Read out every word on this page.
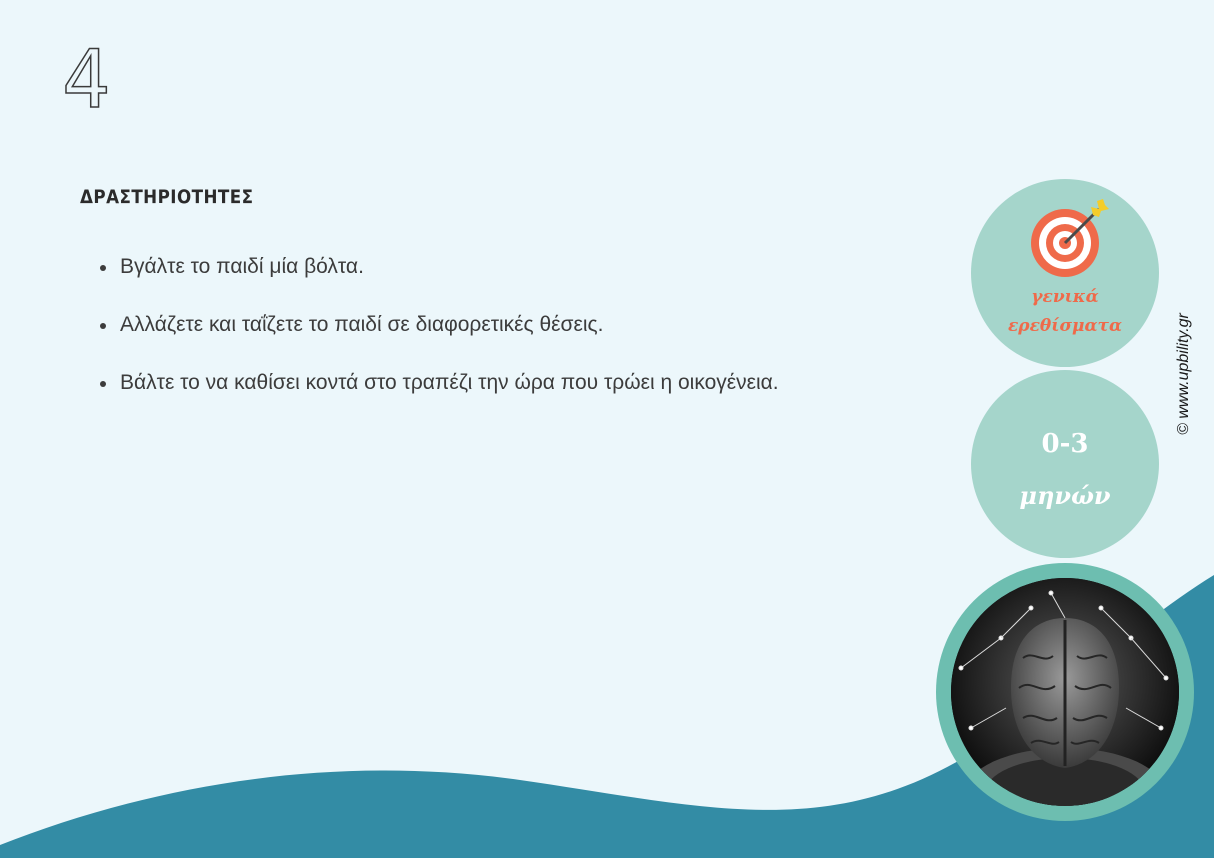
4
ΔΡΑΣΤΗΡΙΟΤΗΤΕΣ
Βγάλτε το παιδί μία βόλτα.
Αλλάζετε και ταΐζετε το παιδί σε διαφορετικές θέσεις.
Βάλτε το να καθίσει κοντά στο τραπέζι την ώρα που τρώει η οικογένεια.
γενικά
ερεθίσματα
0-3
μηνών
© www.upbility.gr
